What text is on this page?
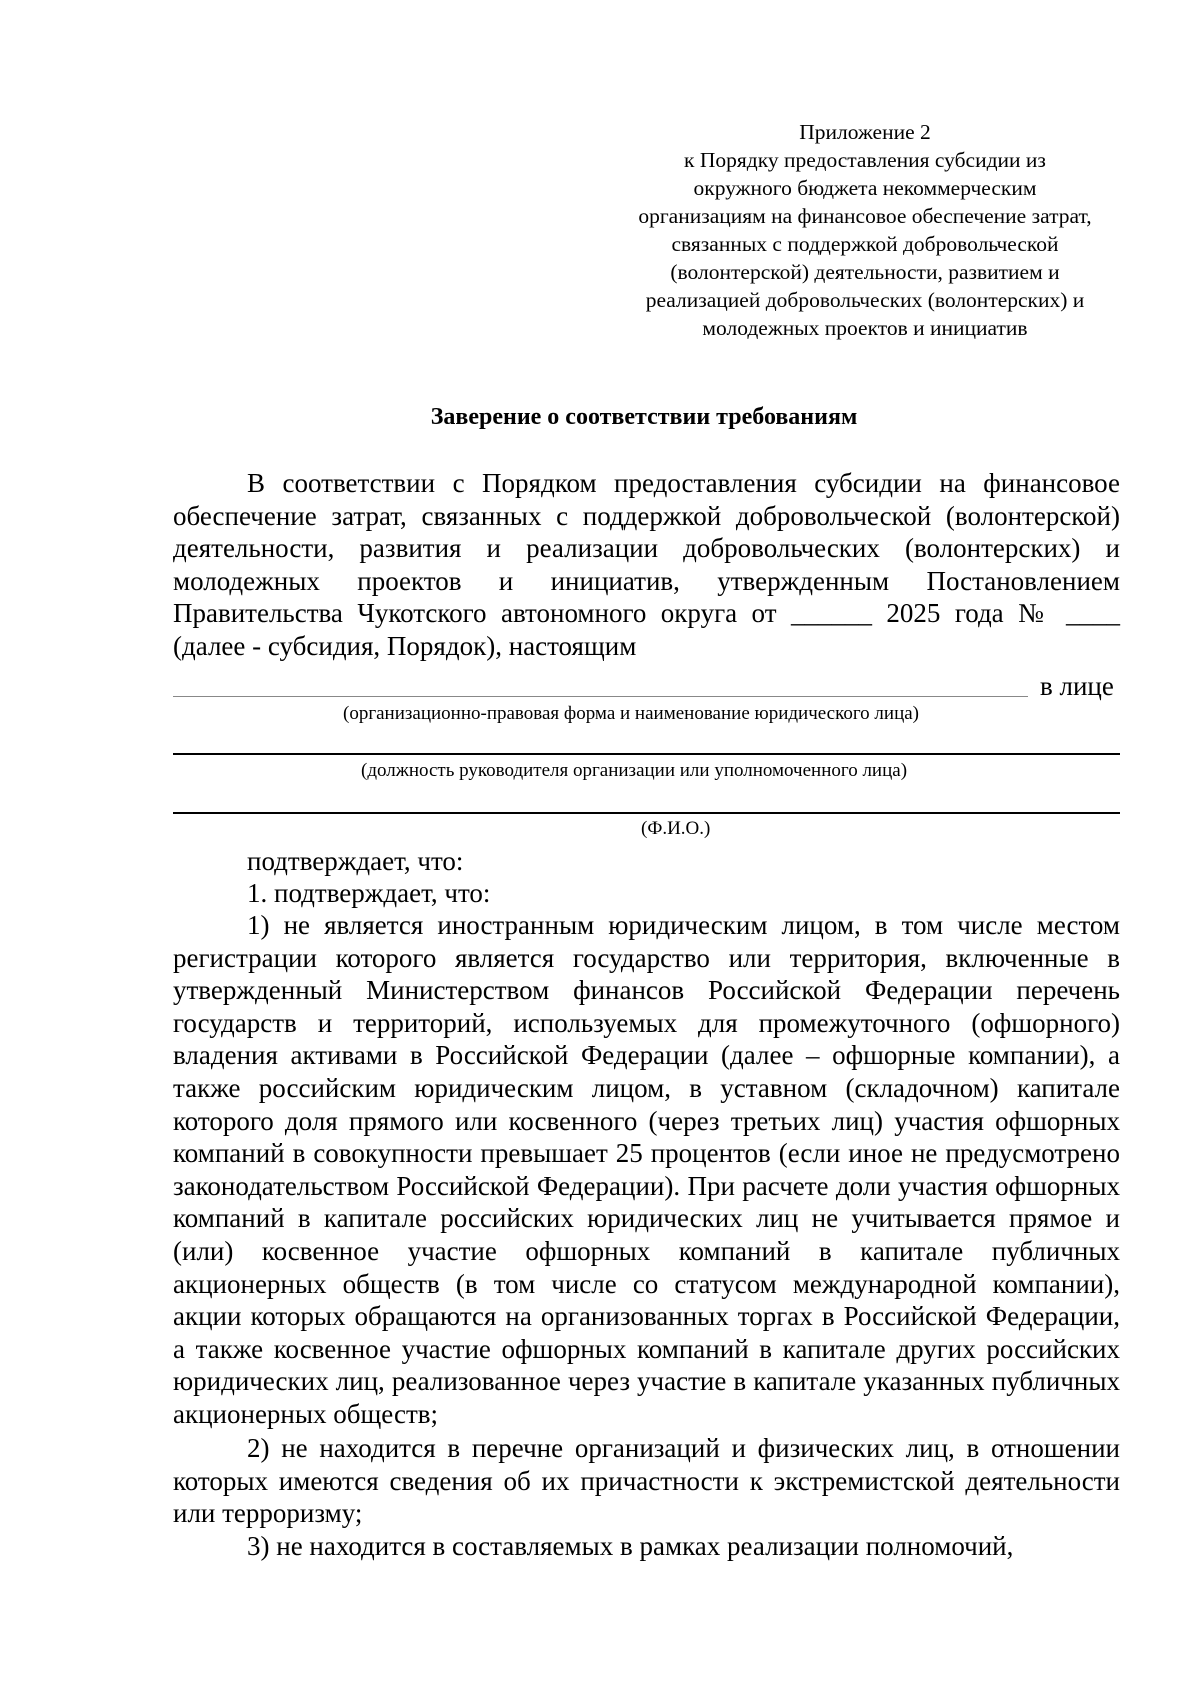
Приложение 2
к Порядку предоставления субсидии из
окружного бюджета некоммерческим
организациям на финансовое обеспечение затрат,
связанных с поддержкой добровольческой
(волонтерской) деятельности, развитием и
реализацией добровольческих (волонтерских) и
молодежных проектов и инициатив
Заверение о соответствии требованиям

В соответствии с Порядком предоставления субсидии на финансовое обеспечение затрат, связанных с поддержкой добровольческой (волонтерской) деятельности, развития и реализации добровольческих (волонтерских) и молодежных проектов и инициатив, утвержденным Постановлением Правительства Чукотского автономного округа от ______ 2025 года № ____ (далее - субсидия, Порядок), настоящим

в лице
(организационно-правовая форма и наименование юридического лица)
(должность руководителя организации или уполномоченного лица)
(Ф.И.О.)

подтверждает, что:

1. подтверждает, что:

1) не является иностранным юридическим лицом, в том числе местом регистрации которого является государство или территория, включенные в утвержденный Министерством финансов Российской Федерации перечень государств и территорий, используемых для промежуточного (офшорного) владения активами в Российской Федерации (далее – офшорные компании), а также российским юридическим лицом, в уставном (складочном) капитале которого доля прямого или косвенного (через третьих лиц) участия офшорных компаний в совокупности превышает 25 процентов (если иное не предусмотрено законодательством Российской Федерации). При расчете доли участия офшорных компаний в капитале российских юридических лиц не учитывается прямое и (или) косвенное участие офшорных компаний в капитале публичных акционерных обществ (в том числе со статусом международной компании), акции которых обращаются на организованных торгах в Российской Федерации, а также косвенное участие офшорных компаний в капитале других российских юридических лиц, реализованное через участие в капитале указанных публичных акционерных обществ;

2) не находится в перечне организаций и физических лиц, в отношении которых имеются сведения об их причастности к экстремистской деятельности или терроризму;

3) не находится в составляемых в рамках реализации полномочий,
